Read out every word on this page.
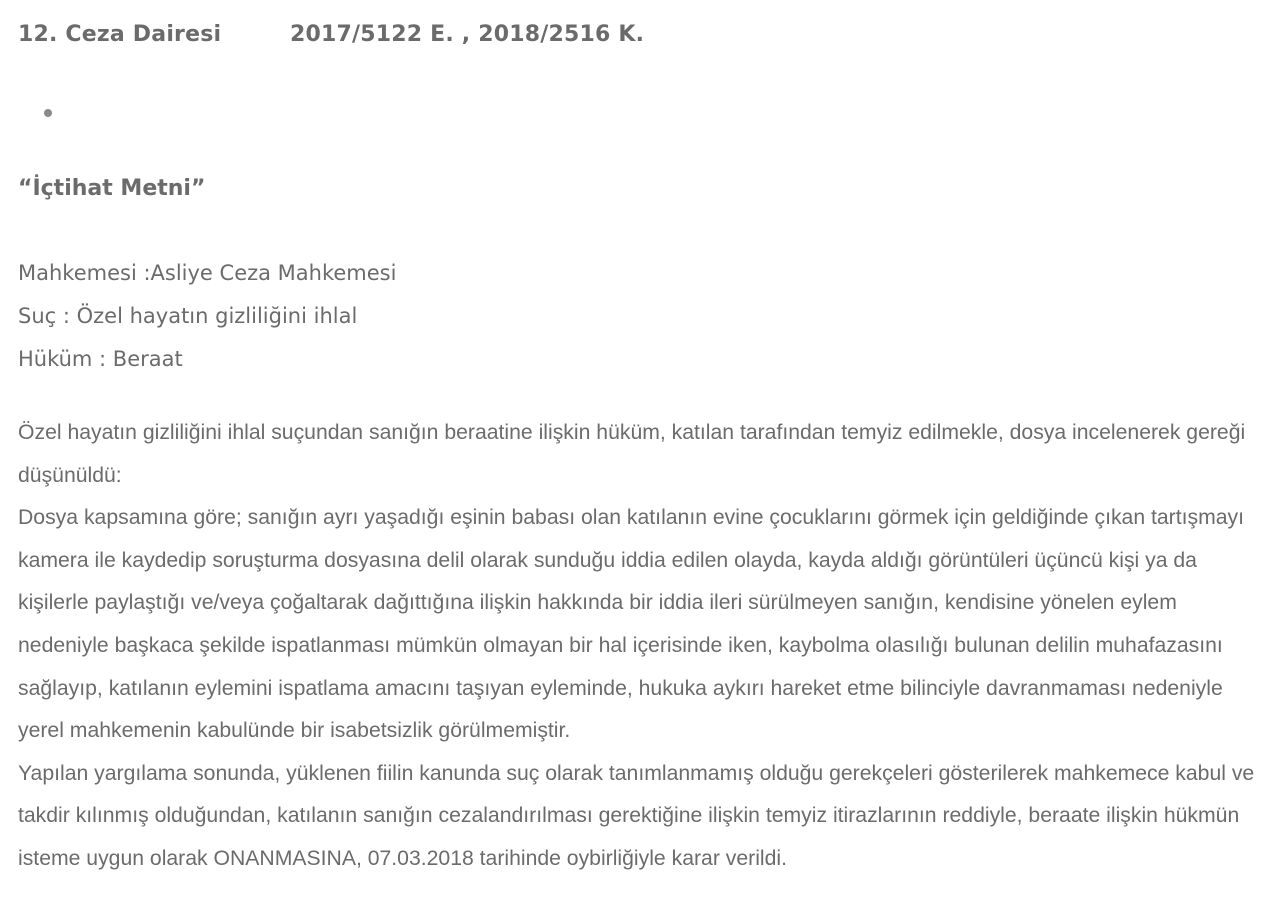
12. Ceza Dairesi	2017/5122 E. , 2018/2516 K.
“İçtihat Metni”
Mahkemesi :Asliye Ceza Mahkemesi
Suç : Özel hayatın gizliliğini ihlal
Hüküm : Beraat

Özel hayatın gizliliğini ihlal suçundan sanığın beraatine ilişkin hüküm, katılan tarafından temyiz edilmekle, dosya incelenerek gereği düşünüldü:

Dosya kapsamına göre; sanığın ayrı yaşadığı eşinin babası olan katılanın evine çocuklarını görmek için geldiğinde çıkan tartışmayı kamera ile kaydedip soruşturma dosyasına delil olarak sunduğu iddia edilen olayda, kayda aldığı görüntüleri üçüncü kişi ya da kişilerle paylaştığı ve/veya çoğaltarak dağıttığına ilişkin hakkında bir iddia ileri sürülmeyen sanığın, kendisine yönelen eylem nedeniyle başkaca şekilde ispatlanması mümkün olmayan bir hal içerisinde iken, kaybolma olasılığı bulunan delilin muhafazasını sağlayıp, katılanın eylemini ispatlama amacını taşıyan eyleminde, hukuka aykırı hareket etme bilinciyle davranmaması nedeniyle yerel mahkemenin kabulünde bir isabetsizlik görülmemiştir.

Yapılan yargılama sonunda, yüklenen fiilin kanunda suç olarak tanımlanmamış olduğu gerekçeleri gösterilerek mahkemece kabul ve takdir kılınmış olduğundan, katılanın sanığın cezalandırılması gerektiğine ilişkin temyiz itirazlarının reddiyle, beraate ilişkin hükmün isteme uygun olarak ONANMASINA, 07.03.2018 tarihinde oybirliğiyle karar verildi.
